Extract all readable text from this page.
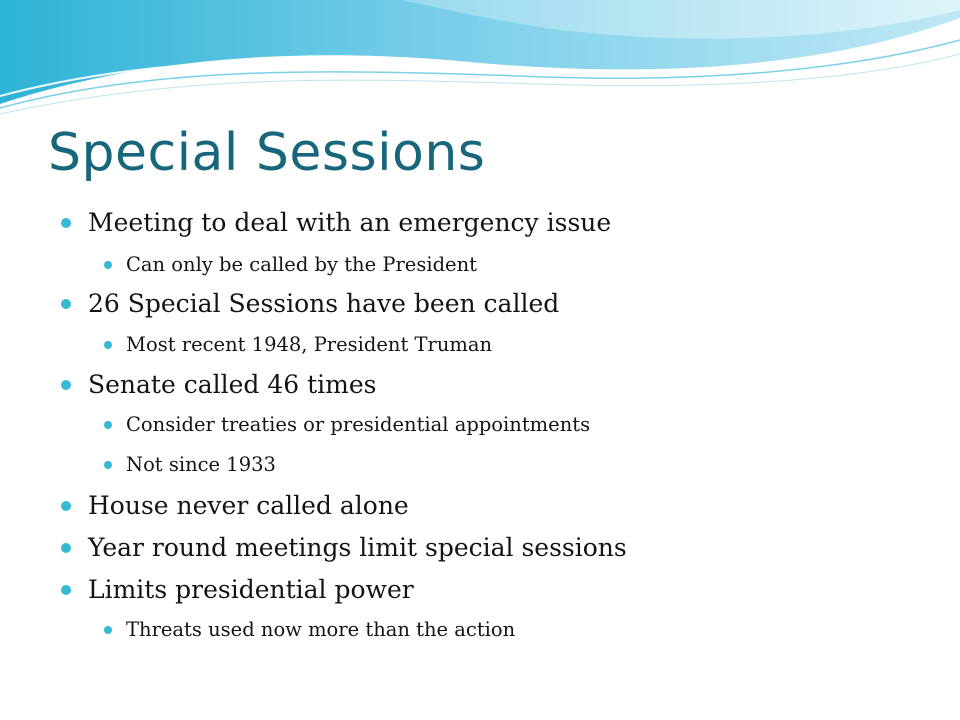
Special Sessions
Meeting to deal with an emergency issue
Can only be called by the President
26 Special Sessions have been called
Most recent 1948, President Truman
Senate called 46 times
Consider treaties or presidential appointments
Not since 1933
House never called alone
Year round meetings limit special sessions
Limits presidential power
Threats used now more than the action
